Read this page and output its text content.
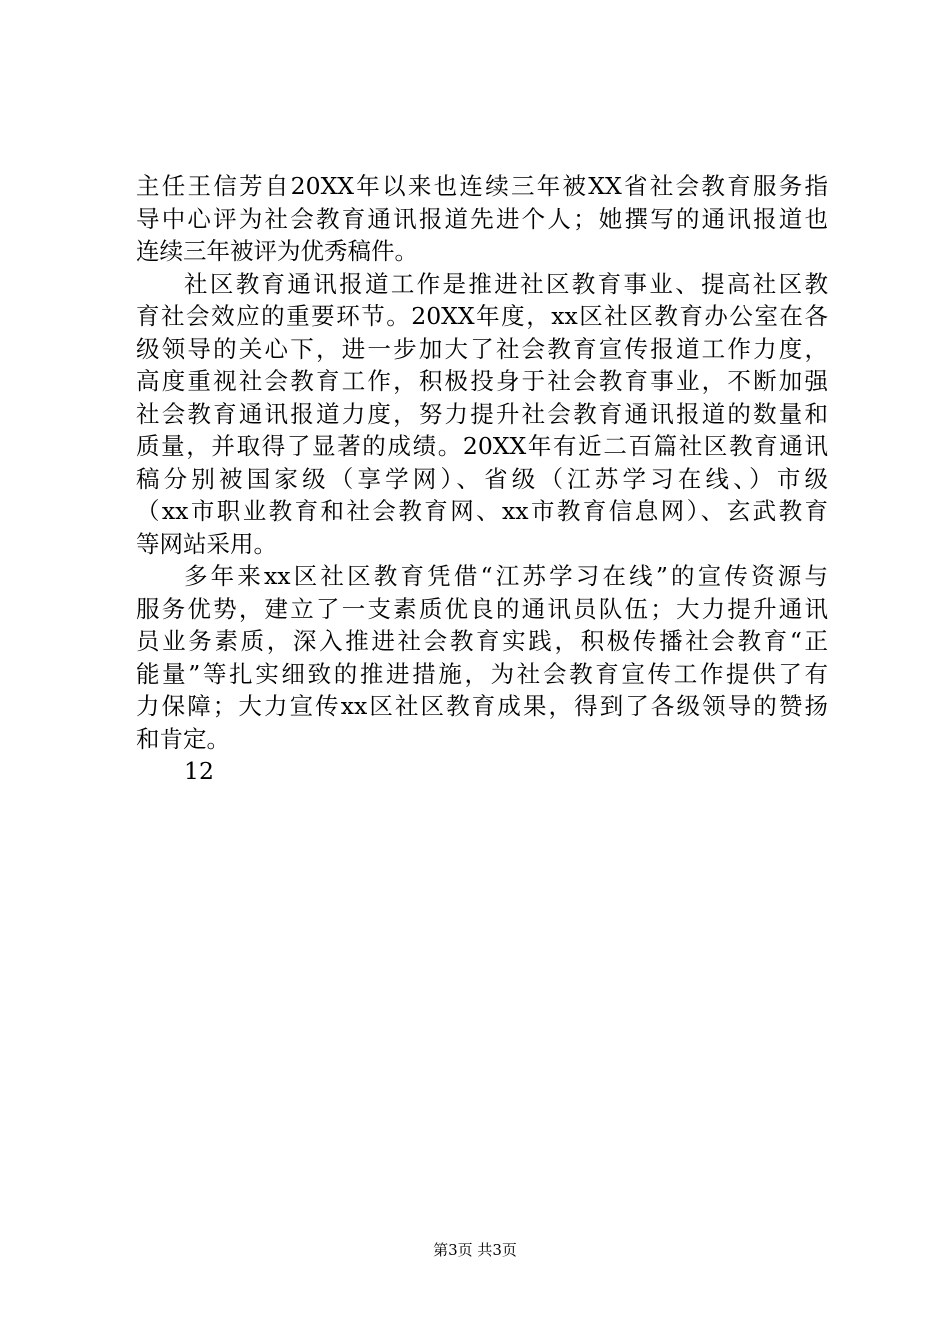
主任王信芳自20XX年以来也连续三年被XX省社会教育服务指
导中心评为社会教育通讯报道先进个人；她撰写的通讯报道也
连续三年被评为优秀稿件。
社区教育通讯报道工作是推进社区教育事业、提高社区教
育社会效应的重要环节。20XX年度，xx区社区教育办公室在各
级领导的关心下，进一步加大了社会教育宣传报道工作力度，
高度重视社会教育工作，积极投身于社会教育事业，不断加强
社会教育通讯报道力度，努力提升社会教育通讯报道的数量和
质量，并取得了显著的成绩。20XX年有近二百篇社区教育通讯
稿分别被国家级（享学网）、省级（江苏学习在线、）市级
（xx市职业教育和社会教育网、xx市教育信息网）、玄武教育
等网站采用。
多年来xx区社区教育凭借“江苏学习在线”的宣传资源与
服务优势，建立了一支素质优良的通讯员队伍；大力提升通讯
员业务素质，深入推进社会教育实践，积极传播社会教育“正
能量”等扎实细致的推进措施，为社会教育宣传工作提供了有
力保障；大力宣传xx区社区教育成果，得到了各级领导的赞扬
和肯定。
12
第3页 共3页
